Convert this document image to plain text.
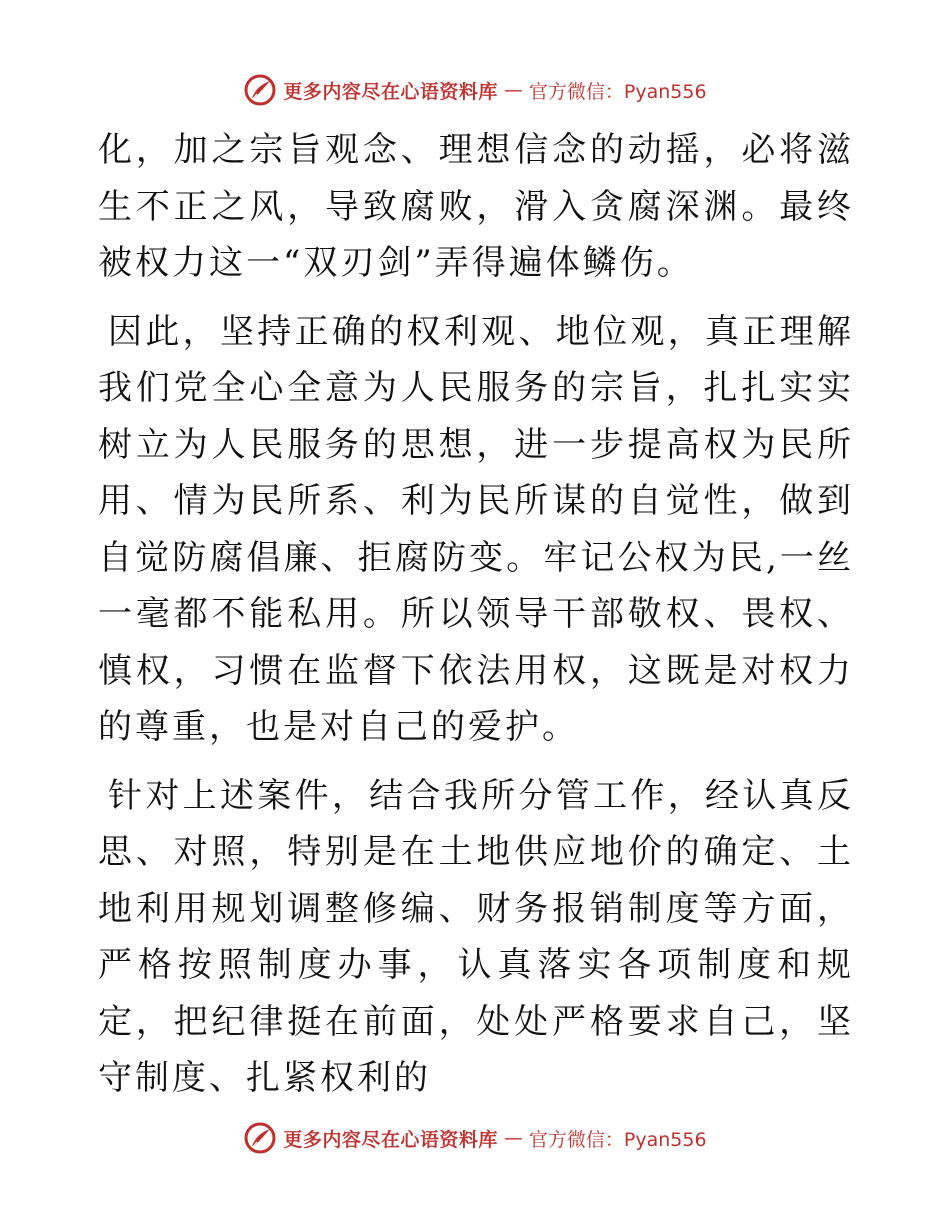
更多内容尽在心语资料库 — 官方微信：Pyan556

化，加之宗旨观念、理想信念的动摇，必将滋生不正之风，导致腐败，滑入贪腐深渊。最终被权力这一“双刃剑”弄得遍体鳞伤。

因此，坚持正确的权利观、地位观，真正理解我们党全心全意为人民服务的宗旨，扎扎实实树立为人民服务的思想，进一步提高权为民所用、情为民所系、利为民所谋的自觉性，做到自觉防腐倡廉、拒腐防变。牢记公权为民,一丝一毫都不能私用。所以领导干部敬权、畏权、慎权，习惯在监督下依法用权，这既是对权力的尊重，也是对自己的爱护。

针对上述案件，结合我所分管工作，经认真反思、对照，特别是在土地供应地价的确定、土地利用规划调整修编、财务报销制度等方面，严格按照制度办事，认真落实各项制度和规定，把纪律挺在前面，处处严格要求自己，坚守制度、扎紧权利的

更多内容尽在心语资料库 — 官方微信：Pyan556
